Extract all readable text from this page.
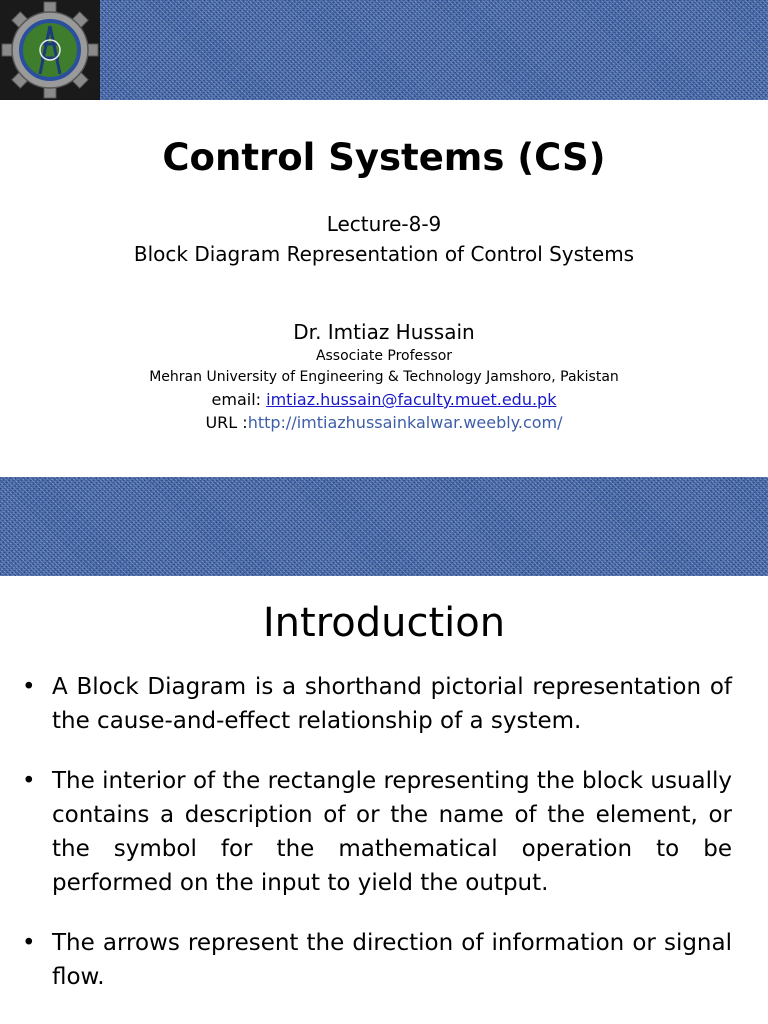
Control Systems (CS)
Lecture-8-9
Block Diagram Representation of Control Systems
Dr. Imtiaz Hussain
Associate Professor
Mehran University of Engineering & Technology Jamshoro, Pakistan
email: imtiaz.hussain@faculty.muet.edu.pk
URL :http://imtiazhussainkalwar.weebly.com/
Introduction
• A Block Diagram is a shorthand pictorial representation of the cause-and-effect relationship of a system.
• The interior of the rectangle representing the block usually contains a description of or the name of the element, or the symbol for the mathematical operation to be performed on the input to yield the output.
• The arrows represent the direction of information or signal flow.
